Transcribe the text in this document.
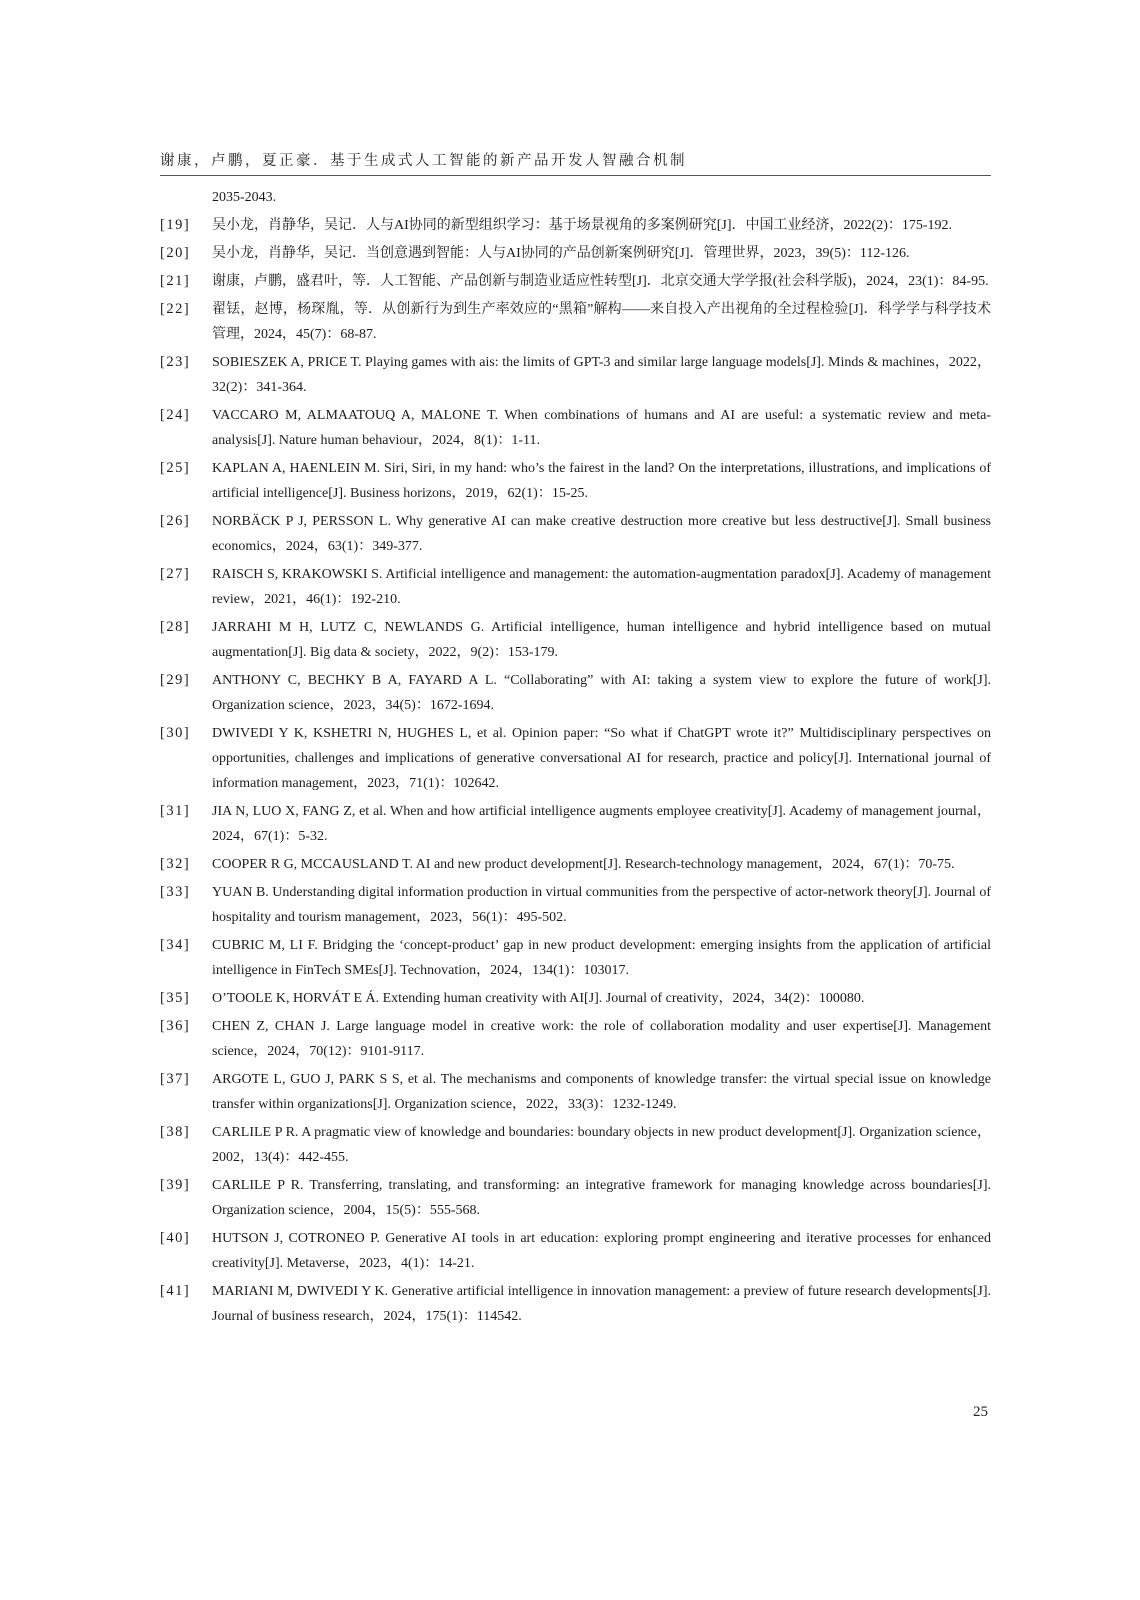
谢康，卢鹏，夏正豪．基于生成式人工智能的新产品开发人智融合机制
2035-2043.
[19]	吴小龙，肖静华，吴记．人与AI协同的新型组织学习：基于场景视角的多案例研究[J]．中国工业经济，2022(2)：175-192.
[20]	吴小龙，肖静华，吴记．当创意遇到智能：人与AI协同的产品创新案例研究[J]．管理世界，2023，39(5)：112-126.
[21]	谢康，卢鹏，盛君叶，等．人工智能、产品创新与制造业适应性转型[J]．北京交通大学学报(社会科学版)，2024，23(1)：84-95.
[22]	翟铥，赵博，杨琛胤，等．从创新行为到生产率效应的“黑箱”解构——来自投入产出视角的全过程检验[J]．科学学与科学技术管理，2024，45(7)：68-87.
[23]	SOBIESZEK A, PRICE T. Playing games with ais: the limits of GPT-3 and similar large language models[J]. Minds & machines，2022，32(2)：341-364.
[24]	VACCARO M, ALMAATOUQ A, MALONE T. When combinations of humans and AI are useful: a systematic review and meta-analysis[J]. Nature human behaviour，2024，8(1)：1-11.
[25]	KAPLAN A, HAENLEIN M. Siri, Siri, in my hand: who’s the fairest in the land? On the interpretations, illustrations, and implications of artificial intelligence[J]. Business horizons，2019，62(1)：15-25.
[26]	NORBÄCK P J, PERSSON L. Why generative AI can make creative destruction more creative but less destructive[J]. Small business economics，2024，63(1)：349-377.
[27]	RAISCH S, KRAKOWSKI S. Artificial intelligence and management: the automation-augmentation paradox[J]. Academy of management review，2021，46(1)：192-210.
[28]	JARRAHI M H, LUTZ C, NEWLANDS G. Artificial intelligence, human intelligence and hybrid intelligence based on mutual augmentation[J]. Big data & society，2022，9(2)：153-179.
[29]	ANTHONY C, BECHKY B A, FAYARD A L. “Collaborating” with AI: taking a system view to explore the future of work[J]. Organization science，2023，34(5)：1672-1694.
[30]	DWIVEDI Y K, KSHETRI N, HUGHES L, et al. Opinion paper: “So what if ChatGPT wrote it?” Multidisciplinary perspectives on opportunities, challenges and implications of generative conversational AI for research, practice and policy[J]. International journal of information management，2023，71(1)：102642.
[31]	JIA N, LUO X, FANG Z, et al. When and how artificial intelligence augments employee creativity[J]. Academy of management journal，2024，67(1)：5-32.
[32]	COOPER R G, MCCAUSLAND T. AI and new product development[J]. Research-technology management，2024，67(1)：70-75.
[33]	YUAN B. Understanding digital information production in virtual communities from the perspective of actor-network theory[J]. Journal of hospitality and tourism management，2023，56(1)：495-502.
[34]	CUBRIC M, LI F. Bridging the ‘concept-product’ gap in new product development: emerging insights from the application of artificial intelligence in FinTech SMEs[J]. Technovation，2024，134(1)：103017.
[35]	O’TOOLE K, HORVÁT E Á. Extending human creativity with AI[J]. Journal of creativity，2024，34(2)：100080.
[36]	CHEN Z, CHAN J. Large language model in creative work: the role of collaboration modality and user expertise[J]. Management science，2024，70(12)：9101-9117.
[37]	ARGOTE L, GUO J, PARK S S, et al. The mechanisms and components of knowledge transfer: the virtual special issue on knowledge transfer within organizations[J]. Organization science，2022，33(3)：1232-1249.
[38]	CARLILE P R. A pragmatic view of knowledge and boundaries: boundary objects in new product development[J]. Organization science，2002，13(4)：442-455.
[39]	CARLILE P R. Transferring, translating, and transforming: an integrative framework for managing knowledge across boundaries[J]. Organization science，2004，15(5)：555-568.
[40]	HUTSON J, COTRONEO P. Generative AI tools in art education: exploring prompt engineering and iterative processes for enhanced creativity[J]. Metaverse，2023，4(1)：14-21.
[41]	MARIANI M, DWIVEDI Y K. Generative artificial intelligence in innovation management: a preview of future research developments[J]. Journal of business research，2024，175(1)：114542.
25
